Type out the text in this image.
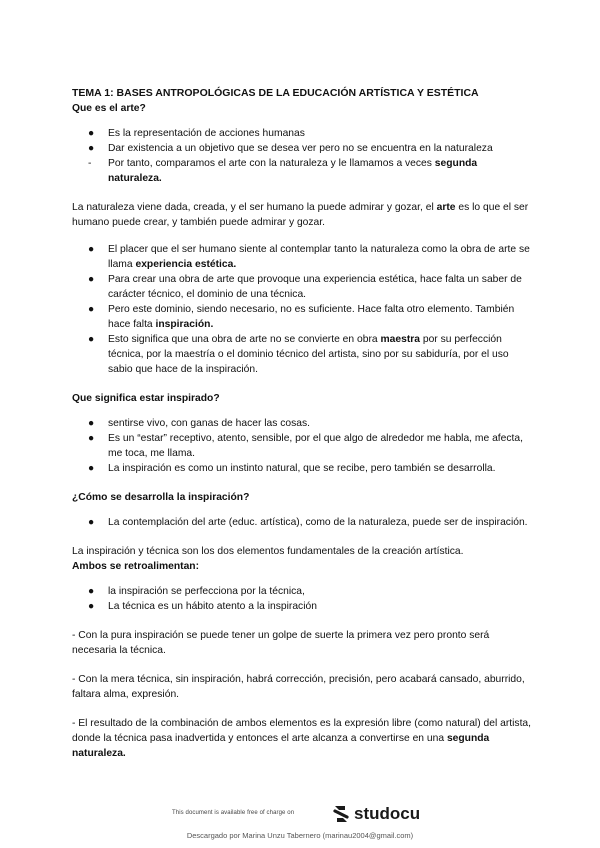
TEMA 1: BASES ANTROPOLÓGICAS DE LA EDUCACIÓN ARTÍSTICA Y ESTÉTICA

Que es el arte?

● Es la representación de acciones humanas
● Dar existencia a un objetivo que se desea ver pero no se encuentra en la naturaleza
- Por tanto, comparamos el arte con la naturaleza y le llamamos a veces segunda naturaleza.

La naturaleza viene dada, creada, y el ser humano la puede admirar y gozar, el arte es lo que el ser humano puede crear, y también puede admirar y gozar.

● El placer que el ser humano siente al contemplar tanto la naturaleza como la obra de arte se llama experiencia estética.
● Para crear una obra de arte que provoque una experiencia estética, hace falta un saber de carácter técnico, el dominio de una técnica.
● Pero este dominio, siendo necesario, no es suficiente. Hace falta otro elemento. También hace falta inspiración.
● Esto significa que una obra de arte no se convierte en obra maestra por su perfección técnica, por la maestría o el dominio técnico del artista, sino por su sabiduría, por el uso sabio que hace de la inspiración.

Que significa estar inspirado?

● sentirse vivo, con ganas de hacer las cosas.
● Es un “estar” receptivo, atento, sensible, por el que algo de alrededor me habla, me afecta, me toca, me llama.
● La inspiración es como un instinto natural, que se recibe, pero también se desarrolla.

¿Cómo se desarrolla la inspiración?

● La contemplación del arte (educ. artística), como de la naturaleza, puede ser de inspiración.

La inspiración y técnica son los dos elementos fundamentales de la creación artística.

Ambos se retroalimentan:

● la inspiración se perfecciona por la técnica,
● La técnica es un hábito atento a la inspiración

- Con la pura inspiración se puede tener un golpe de suerte la primera vez pero pronto será necesaria la técnica.

- Con la mera técnica, sin inspiración, habrá corrección, precisión, pero acabará cansado, aburrido, faltara alma, expresión.

- El resultado de la combinación de ambos elementos es la expresión libre (como natural) del artista, donde la técnica pasa inadvertida y entonces el arte alcanza a convertirse en una segunda naturaleza.

This document is available free of charge on	studocu
Descargado por Marina Unzu Tabernero (marinau2004@gmail.com)
